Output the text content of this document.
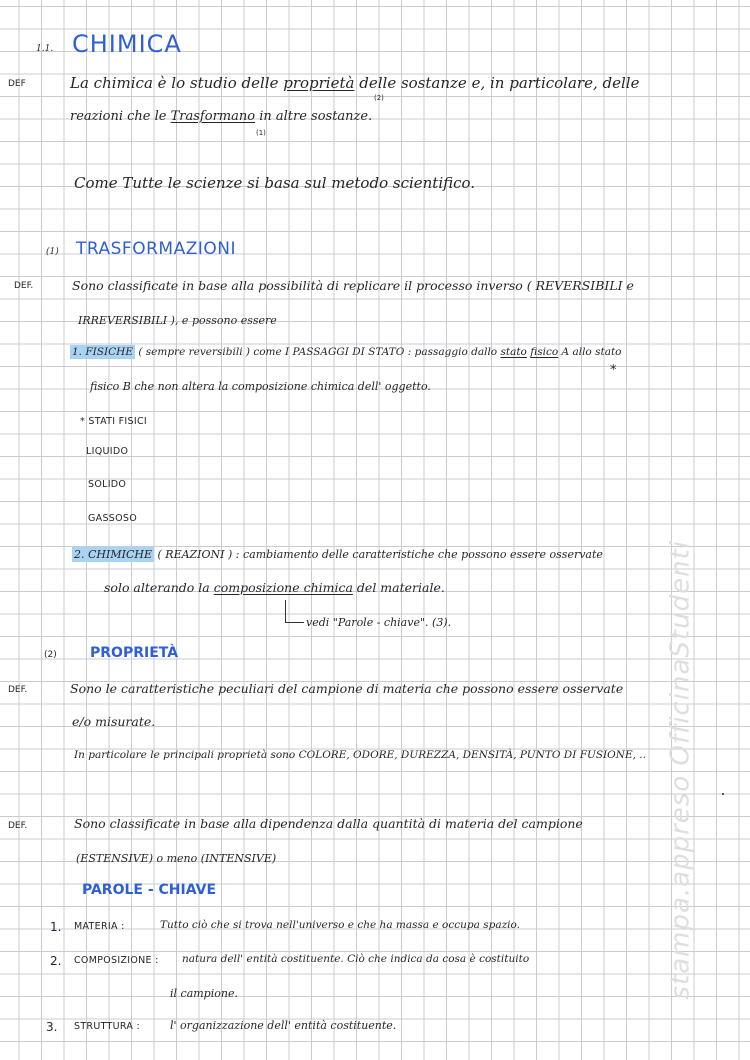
1.1. CHIMICA
DEF	La chimica è lo studio delle proprietà delle sostanze e, in particolare, delle
(2)
reazioni che le Trasformano in altre sostanze.
(1)
Come Tutte le scienze si basa sul metodo scientifico.
(1) TRASFORMAZIONI
DEF.	Sono classificate in base alla possibilità di replicare il processo inverso ( REVERSIBILI e
IRREVERSIBILI ), e possono essere
1. FISICHE ( sempre reversibili ) come I PASSAGGI DI STATO : passaggio dallo stato fisico A allo stato
*
fisico B che non altera la composizione chimica dell' oggetto.
* STATI FISICI
LIQUIDO
SOLIDO
GASSOSO
2. CHIMICHE ( REAZIONI ) : cambiamento delle caratteristiche che possono essere osservate
solo alterando la composizione chimica del materiale.
vedi "Parole - chiave". (3).
(2) PROPRIETÀ
DEF.	Sono le caratteristiche peculiari del campione di materia che possono essere osservate
e/o misurate.
In particolare le principali proprietà sono COLORE, ODORE, DUREZZA, DENSITÀ, PUNTO DI FUSIONE, ..
DEF.	Sono classificate in base alla dipendenza dalla quantità di materia del campione
(ESTENSIVE) o meno (INTENSIVE)
PAROLE - CHIAVE
1. MATERIA :	Tutto ciò che si trova nell'universo e che ha massa e occupa spazio.
2. COMPOSIZIONE : natura dell' entità costituente. Ciò che indica da cosa è costituito
il campione.
3. STRUTTURA :	l' organizzazione dell' entità costituente.
stampa.appreso OfficinaStudenti
